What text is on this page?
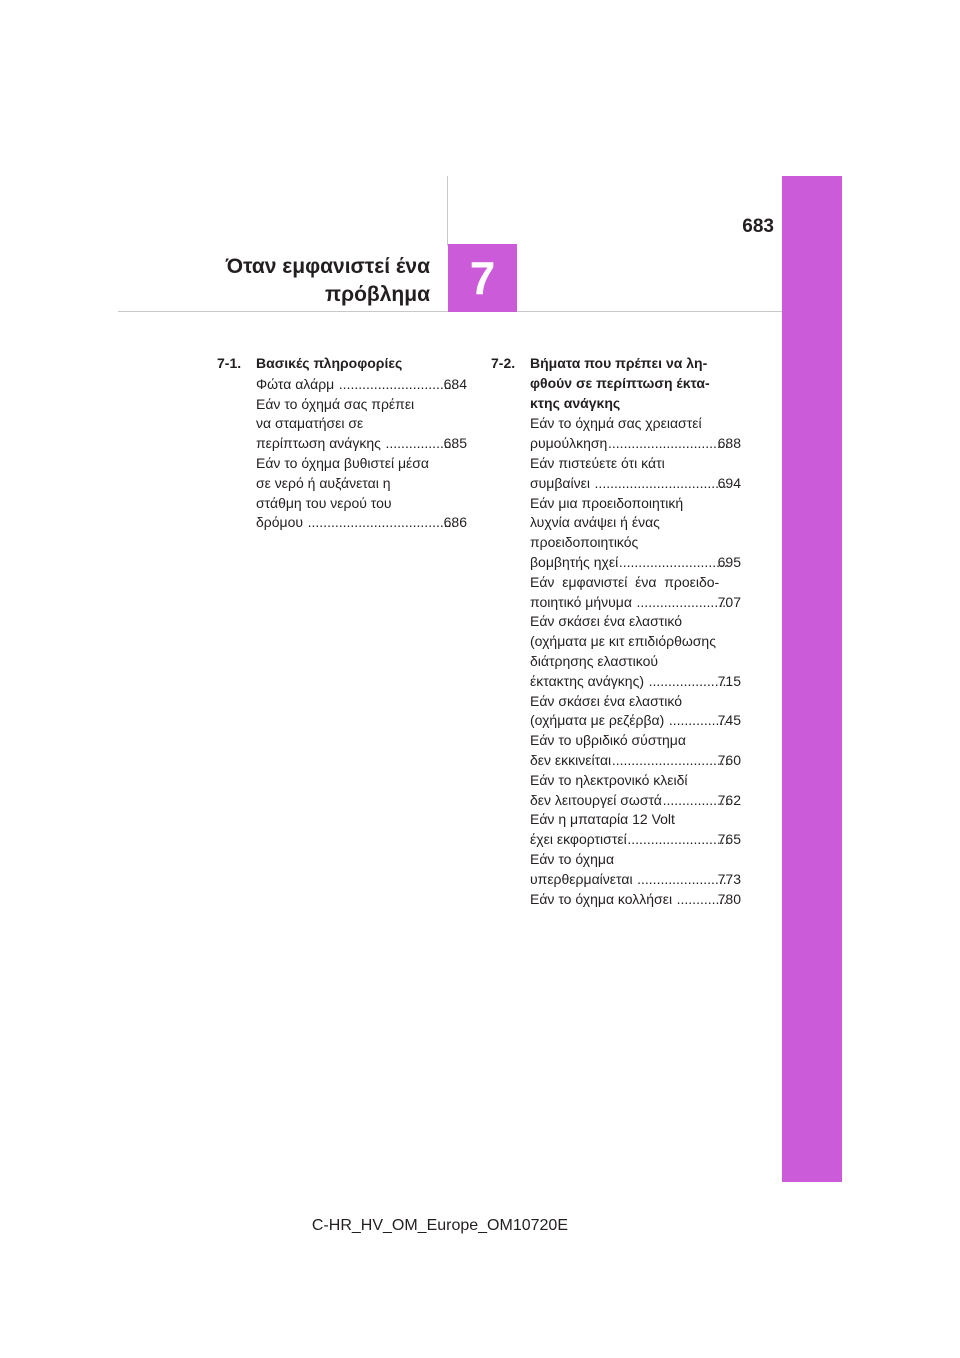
683
Όταν εμφανιστεί ένα
πρόβλημα 7
7-1. Βασικές πληροφορίες
Φώτα αλάρμ .....	684
Εάν το όχημά σας πρέπει
να σταματήσει σε
περίπτωση ανάγκης .....	685
Εάν το όχημα βυθιστεί μέσα
σε νερό ή αυξάνεται η
στάθμη του νερού του
δρόμου .....	686
7-2. Βήματα που πρέπει να λη-
φθούν σε περίπτωση έκτα-
κτης ανάγκης
Εάν το όχημά σας χρειαστεί
ρυμούλκηση .....	688
Εάν πιστεύετε ότι κάτι
συμβαίνει .....	694
Εάν μια προειδοποιητική
λυχνία ανάψει ή ένας
προειδοποιητικός
βομβητής ηχεί .....	695
Εάν  εμφανιστεί  ένα  προειδο-
ποιητικό μήνυμα .....	707
Εάν σκάσει ένα ελαστικό
(οχήματα με κιτ επιδιόρθωσης
διάτρησης ελαστικού
έκτακτης ανάγκης) .....	715
Εάν σκάσει ένα ελαστικό
(οχήματα με ρεζέρβα) .....	745
Εάν το υβριδικό σύστημα
δεν εκκινείται .....	760
Εάν το ηλεκτρονικό κλειδί
δεν λειτουργεί σωστά .....	762
Εάν η μπαταρία 12 Volt
έχει εκφορτιστεί .....	765
Εάν το όχημα
υπερθερμαίνεται .....	773
Εάν το όχημα κολλήσει .....	780
C-HR_HV_OM_Europe_OM10720E
